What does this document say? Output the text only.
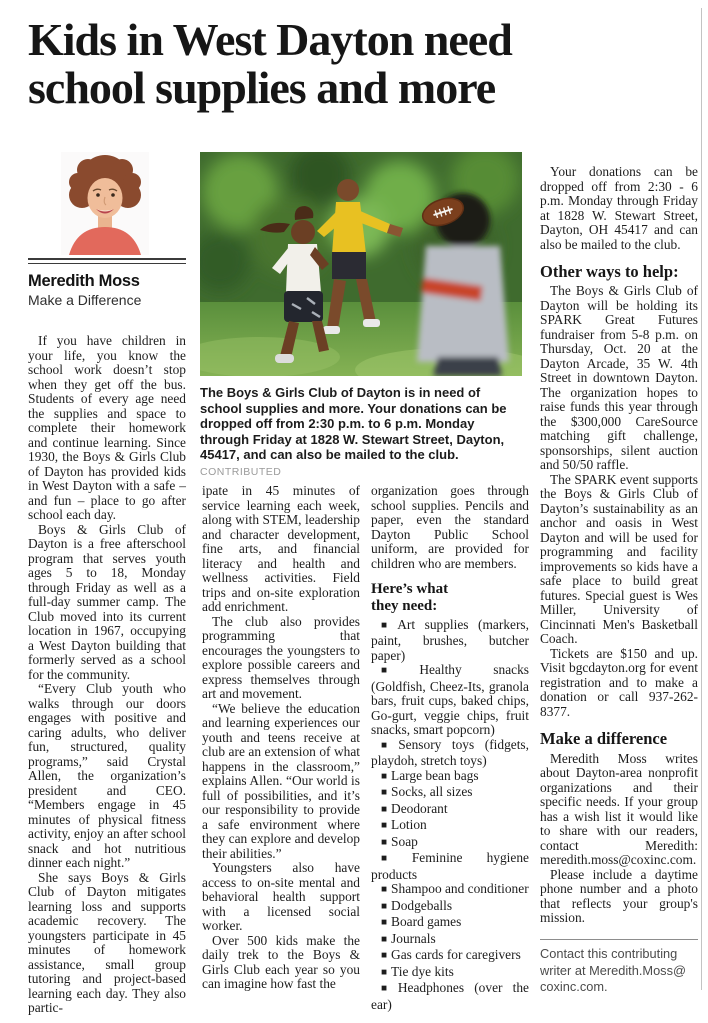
Kids in West Dayton need
school supplies and more
Meredith Moss
Make a Difference

If you have children in your life, you know the school work doesn’t stop when they get off the bus. Students of every age need the supplies and space to complete their homework and continue learning. Since 1930, the Boys & Girls Club of Dayton has provided kids in West Dayton with a safe – and fun – place to go after school each day.

Boys & Girls Club of Dayton is a free afterschool program that serves youth ages 5 to 18, Monday through Friday as well as a full-day summer camp. The Club moved into its current location in 1967, occupying a West Dayton building that formerly served as a school for the community.

“Every Club youth who walks through our doors engages with positive and caring adults, who deliver fun, structured, quality programs,” said Crystal Allen, the organization’s president and CEO. “Members engage in 45 minutes of physical fitness activity, enjoy an after school snack and hot nutritious dinner each night.”

She says Boys & Girls Club of Dayton mitigates learning loss and supports academic recovery. The youngsters participate in 45 minutes of homework assistance, small group tutoring and project-based learning each day. They also partic-

The Boys & Girls Club of Dayton is in need of school supplies and more. Your donations can be dropped off from 2:30 p.m. to 6 p.m. Monday through Friday at 1828 W. Stewart Street, Dayton, 45417, and can also be mailed to the club. CONTRIBUTED

ipate in 45 minutes of service learning each week, along with STEM, leadership and character development, fine arts, and financial literacy and health and wellness activities. Field trips and on-site exploration add enrichment.

The club also provides programming that encourages the youngsters to explore possible careers and express themselves through art and movement.

“We believe the education and learning experiences our youth and teens receive at club are an extension of what happens in the classroom,” explains Allen. “Our world is full of possibilities, and it’s our responsibility to provide a safe environment where they can explore and develop their abilities.”

Youngsters also have access to on-site mental and behavioral health support with a licensed social worker.

Over 500 kids make the daily trek to the Boys & Girls Club each year so you can imagine how fast the

organization goes through school supplies. Pencils and paper, even the standard Dayton Public School uniform, are provided for children who are members.

Here’s what they need:

■ Art supplies (markers, paint, brushes, butcher paper)

■ Healthy snacks (Goldfish, Cheez-Its, granola bars, fruit cups, baked chips, Go-gurt, veggie chips, fruit snacks, smart popcorn)

■ Sensory toys (fidgets, playdoh, stretch toys)

■ Large bean bags

■ Socks, all sizes

■ Deodorant

■ Lotion

■ Soap

■ Feminine hygiene products

■ Shampoo and conditioner

■ Dodgeballs

■ Board games

■ Journals

■ Gas cards for caregivers

■ Tie dye kits

■ Headphones (over the ear)

Your donations can be dropped off from 2:30 - 6 p.m. Monday through Friday at 1828 W. Stewart Street, Dayton, OH 45417 and can also be mailed to the club.

Other ways to help:

The Boys & Girls Club of Dayton will be holding its SPARK Great Futures fundraiser from 5-8 p.m. on Thursday, Oct. 20 at the Dayton Arcade, 35 W. 4th Street in downtown Dayton. The organization hopes to raise funds this year through the $300,000 CareSource matching gift challenge, sponsorships, silent auction and 50/50 raffle.

The SPARK event supports the Boys & Girls Club of Dayton’s sustainability as an anchor and oasis in West Dayton and will be used for programming and facility improvements so kids have a safe place to build great futures. Special guest is Wes Miller, University of Cincinnati Men's Basketball Coach.

Tickets are $150 and up. Visit bgcdayton.org for event registration and to make a donation or call 937-262-8377.

Make a difference

Meredith Moss writes about Dayton-area nonprofit organizations and their specific needs. If your group has a wish list it would like to share with our readers, contact Meredith: meredith.moss@coxinc.com.

Please include a daytime phone number and a photo that reflects your group's mission.

Contact this contributing writer at Meredith.Moss@ coxinc.com.
